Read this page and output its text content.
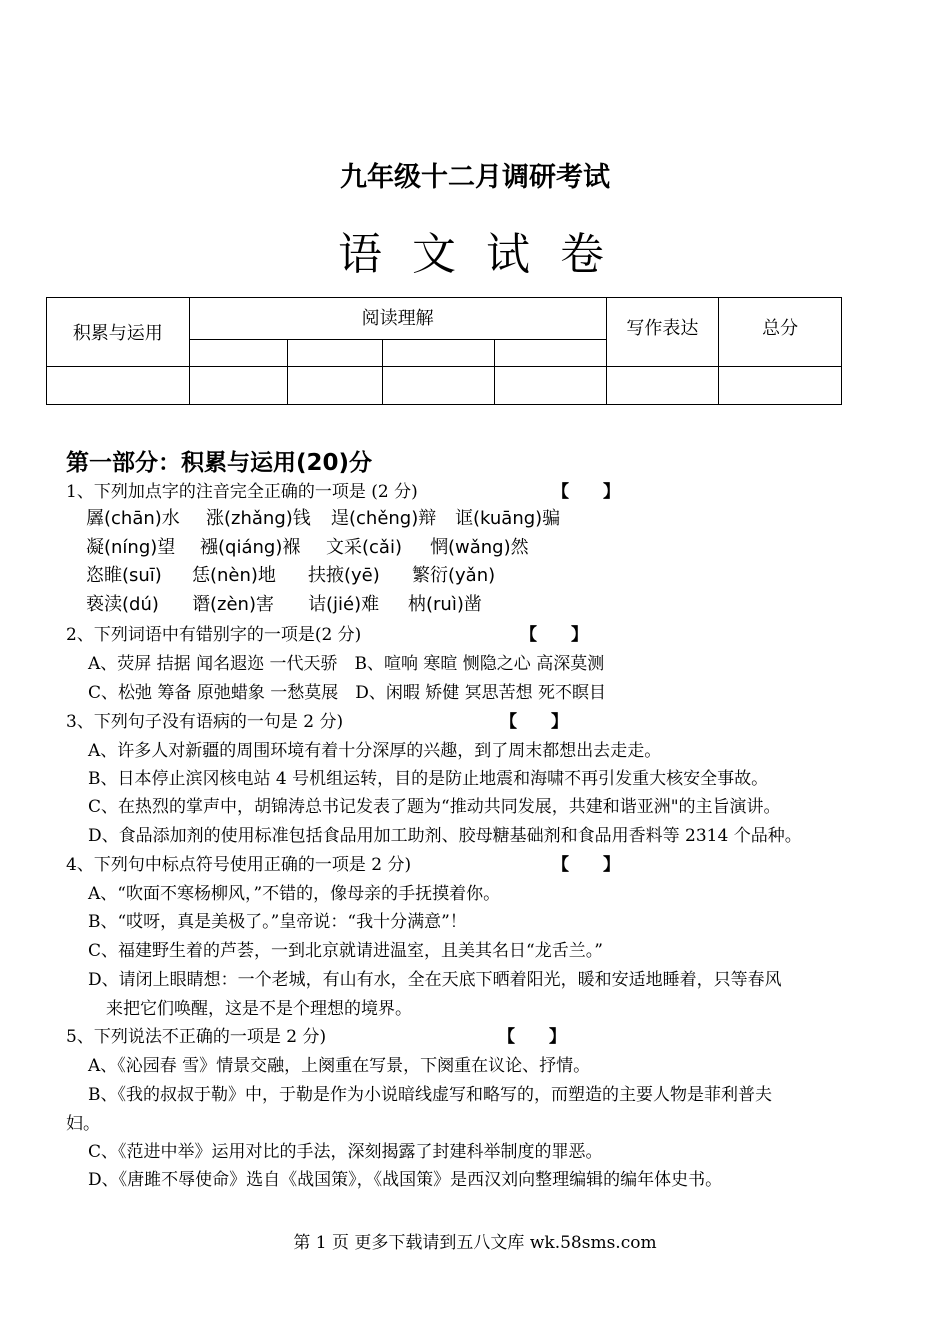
九年级十二月调研考试
语 文 试 卷
积累与运用	阅读理解				写作表达	总分

第一部分：积累与运用(20)分
1、下列加点字的注音完全正确的一项是 (2 分)	【　　】
羼(chān)水 涨(zhǎng)钱 逞(chěng)辩 诓(kuāng)骗
凝(níng)望 襁(qiáng)褓 文采(cǎi) 惘(wǎng)然
恣睢(suī) 恁(nèn)地 扶掖(yē) 繁衍(yǎn)
亵渎(dú) 谮(zèn)害 诘(jié)难 枘(ruì)凿
2、下列词语中有错别字的一项是(2 分)	【　　】
A、荧屏 拮据 闻名遐迩 一代天骄　B、喧响 寒暄 恻隐之心 高深莫测
C、松弛 筹备 原弛蜡象 一愁莫展　D、闲暇 矫健 冥思苦想 死不瞑目
3、下列句子没有语病的一句是 2 分)	【　　】
A、许多人对新疆的周围环境有着十分深厚的兴趣，到了周末都想出去走走。
B、日本停止滨冈核电站 4 号机组运转，目的是防止地震和海啸不再引发重大核安全事故。
C、在热烈的掌声中，胡锦涛总书记发表了题为“推动共同发展，共建和谐亚洲"的主旨演讲。
D、食品添加剂的使用标准包括食品用加工助剂、胶母糖基础剂和食品用香料等 2314 个品种。
4、下列句中标点符号使用正确的一项是 2 分)	【　　】
A、“吹面不寒杨柳风，”不错的，像母亲的手抚摸着你。
B、“哎呀，真是美极了。”皇帝说：“我十分满意”！
C、福建野生着的芦荟，一到北京就请进温室，且美其名日“龙舌兰。”
D、请闭上眼睛想：一个老城，有山有水，全在天底下晒着阳光，暖和安适地睡着，只等春风
来把它们唤醒，这是不是个理想的境界。
5、下列说法不正确的一项是 2 分)	【　　】
A、《沁园春 雪》情景交融，上阕重在写景，下阕重在议论、抒情。
B、《我的叔叔于勒》中，于勒是作为小说暗线虚写和略写的，而塑造的主要人物是菲利普夫
妇。
C、《范进中举》运用对比的手法，深刻揭露了封建科举制度的罪恶。
D、《唐雎不辱使命》选自《战国策》，《战国策》是西汉刘向整理编辑的编年体史书。
第 1 页 更多下载请到五八文库 wk.58sms.com
